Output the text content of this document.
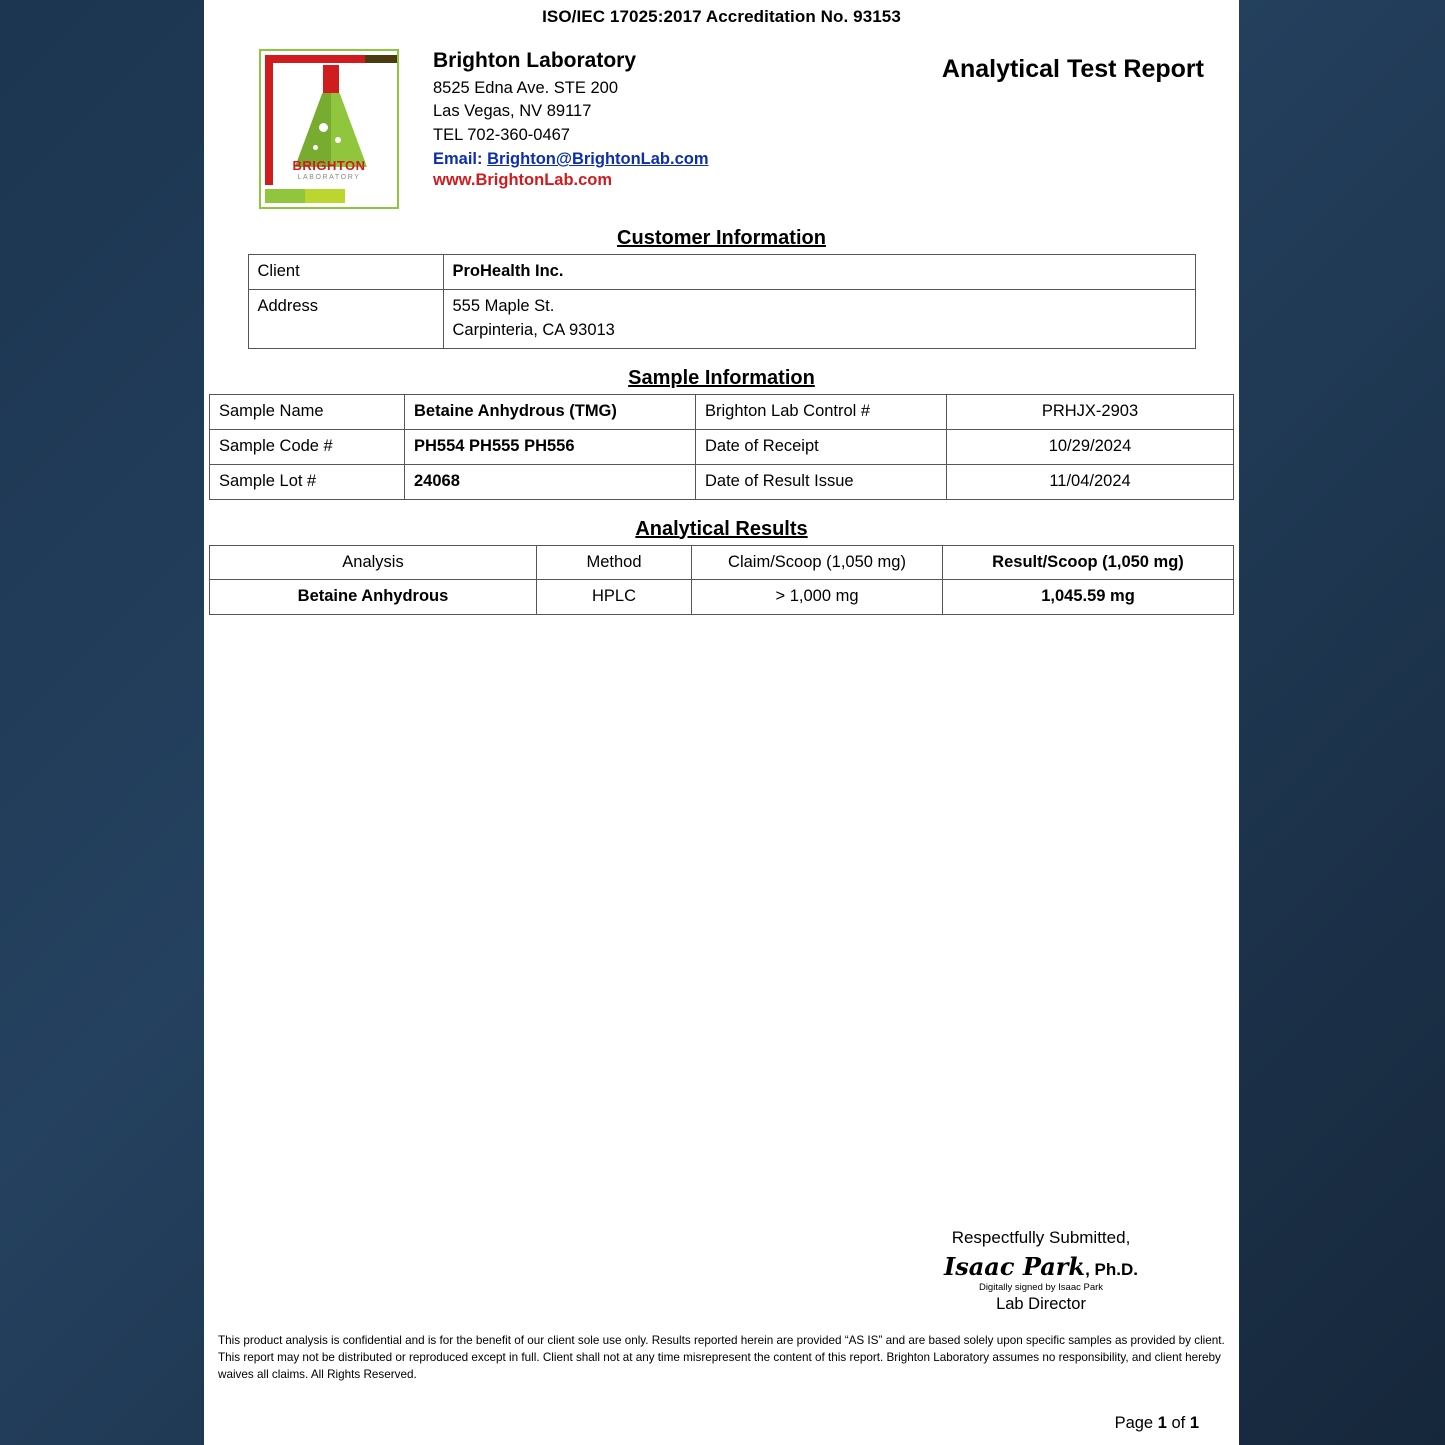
ISO/IEC 17025:2017 Accreditation No. 93153
BRIGHTON
LABORATORY
Brighton Laboratory
8525 Edna Ave. STE 200
Las Vegas, NV 89117
TEL 702-360-0467
Email: Brighton@BrightonLab.com
www.BrightonLab.com
Analytical Test Report
Customer Information
Client	ProHealth Inc.
Address	555 Maple St.
Carpinteria, CA 93013
Sample Information
Sample Name	Betaine Anhydrous (TMG)	Brighton Lab Control #	PRHJX-2903
Sample Code #	PH554 PH555 PH556	Date of Receipt	10/29/2024
Sample Lot #	24068	Date of Result Issue	11/04/2024
Analytical Results
Analysis	Method	Claim/Scoop (1,050 mg)	Result/Scoop (1,050 mg)
Betaine Anhydrous	HPLC	> 1,000 mg	1,045.59 mg
Respectfully Submitted,
Isaac Park, Ph.D.
Digitally signed by Isaac Park
Lab Director
This product analysis is confidential and is for the benefit of our client sole use only. Results reported herein are provided “AS IS” and are based solely upon specific samples as provided by client. This report may not be distributed or reproduced except in full. Client shall not at any time misrepresent the content of this report. Brighton Laboratory assumes no responsibility, and client hereby waives all claims. All Rights Reserved.
Page 1 of 1
